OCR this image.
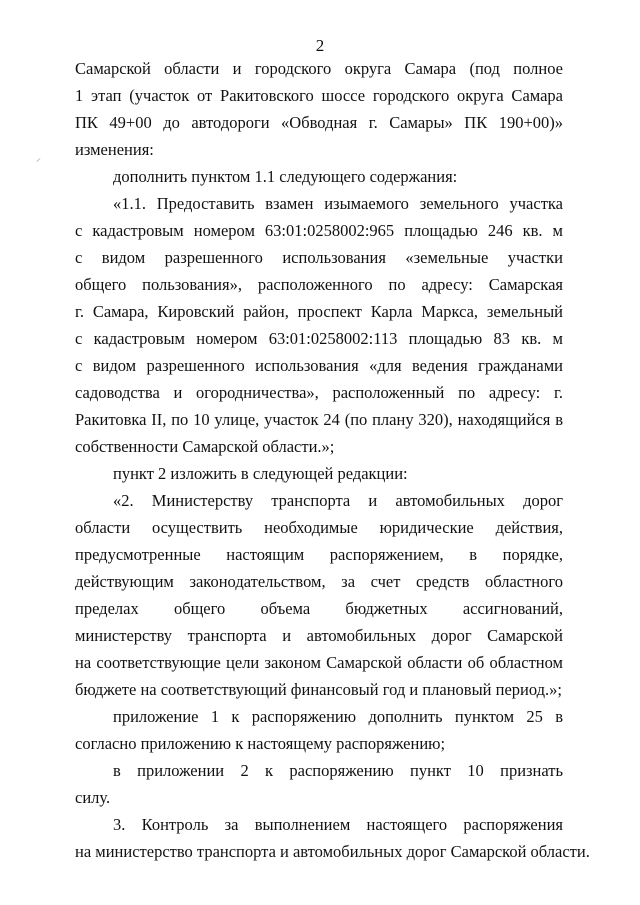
2
⸝
Самарской области и городского округа Самара (под полное
1 этап (участок от Ракитовского шоссе городского округа Самара
ПК 49+00 до автодороги «Обводная г. Самары» ПК 190+00)»
изменения:
дополнить пунктом 1.1 следующего содержания:
«1.1. Предоставить взамен изымаемого земельного участка
с кадастровым номером 63:01:0258002:965 площадью 246 кв. м
с видом разрешенного использования «земельные участки
общего пользования», расположенного по адресу: Самарская
г. Самара, Кировский район, проспект Карла Маркса, земельный
с кадастровым номером 63:01:0258002:113 площадью 83 кв. м
с видом разрешенного использования «для ведения гражданами
садоводства и огородничества», расположенный по адресу: г.
Ракитовка II, по 10 улице, участок 24 (по плану 320), находящийся в
собственности Самарской области.»;
пункт 2 изложить в следующей редакции:
«2. Министерству транспорта и автомобильных дорог
области осуществить необходимые юридические действия,
предусмотренные настоящим распоряжением, в порядке,
действующим законодательством, за счет средств областного
пределах общего объема бюджетных ассигнований,
министерству транспорта и автомобильных дорог Самарской
на соответствующие цели законом Самарской области об областном
бюджете на соответствующий финансовый год и плановый период.»;
приложение 1 к распоряжению дополнить пунктом 25 в
согласно приложению к настоящему распоряжению;
в приложении 2 к распоряжению пункт 10 признать
силу.
3. Контроль за выполнением настоящего распоряжения
на министерство транспорта и автомобильных дорог Самарской области.
